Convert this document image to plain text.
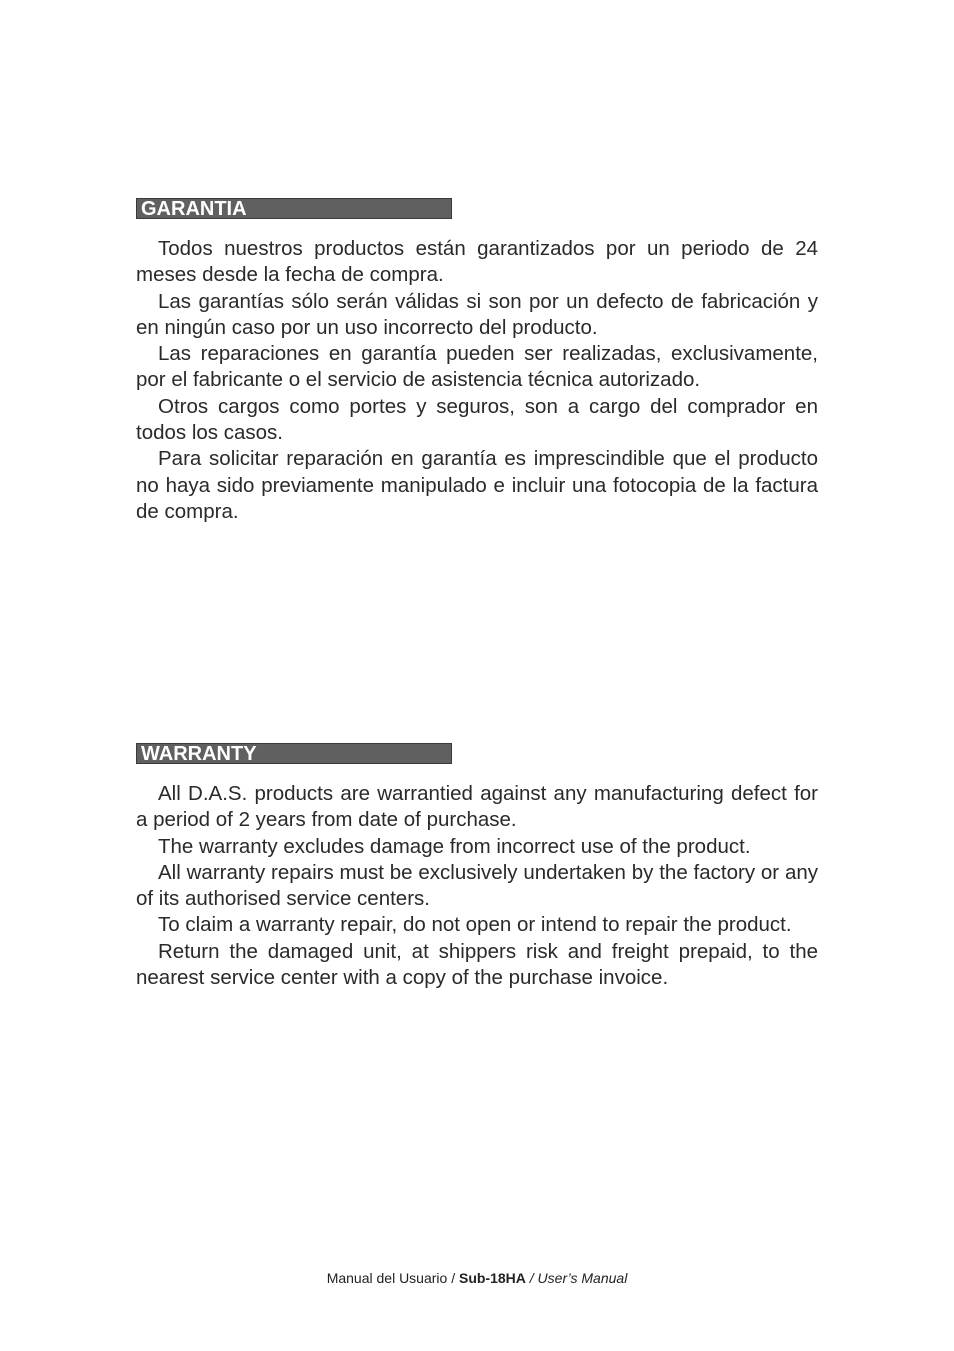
GARANTIA

Todos nuestros productos están garantizados por un periodo de 24 meses desde la fecha de compra.

Las garantías sólo serán válidas si son por un defecto de fabricación y en ningún caso por un uso incorrecto del producto.

Las reparaciones en garantía pueden ser realizadas, exclusivamente, por el fabricante o el servicio de asistencia técnica autorizado.

Otros cargos como portes y seguros, son a cargo del comprador en todos los casos.

Para solicitar reparación en garantía es imprescindible que el producto no haya sido previamente manipulado e incluir una fotocopia de la factura de compra.

WARRANTY

All D.A.S. products are warrantied against any manufacturing defect for a period of 2 years from date of purchase.

The warranty excludes damage from incorrect use of the product.

All warranty repairs must be exclusively undertaken by the factory or any of its authorised service centers.

To claim a warranty repair, do not open or intend to repair the product.

Return the damaged unit, at shippers risk and freight prepaid, to the nearest service center with a copy of the purchase invoice.

Manual del Usuario / Sub-18HA / User’s Manual
